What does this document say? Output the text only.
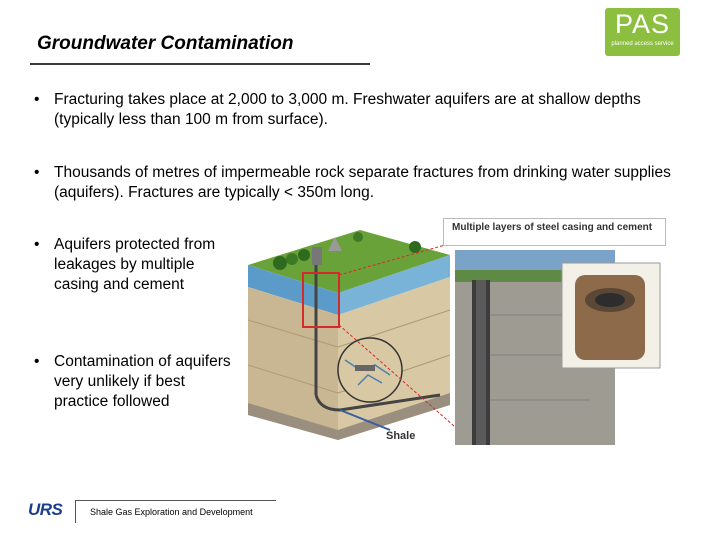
Groundwater Contamination
PAS
planned access service
• Fracturing takes place at 2,000 to 3,000 m. Freshwater aquifers are at shallow depths (typically less than 100 m from surface).
• Thousands of metres of impermeable rock separate fractures from drinking water supplies (aquifers). Fractures are typically < 350m long.
• Aquifers protected from leakages by multiple casing and cement
• Contamination of aquifers very unlikely if best practice followed
Multiple layers of steel casing and cement
Shale
URS	Shale Gas Exploration and Development
